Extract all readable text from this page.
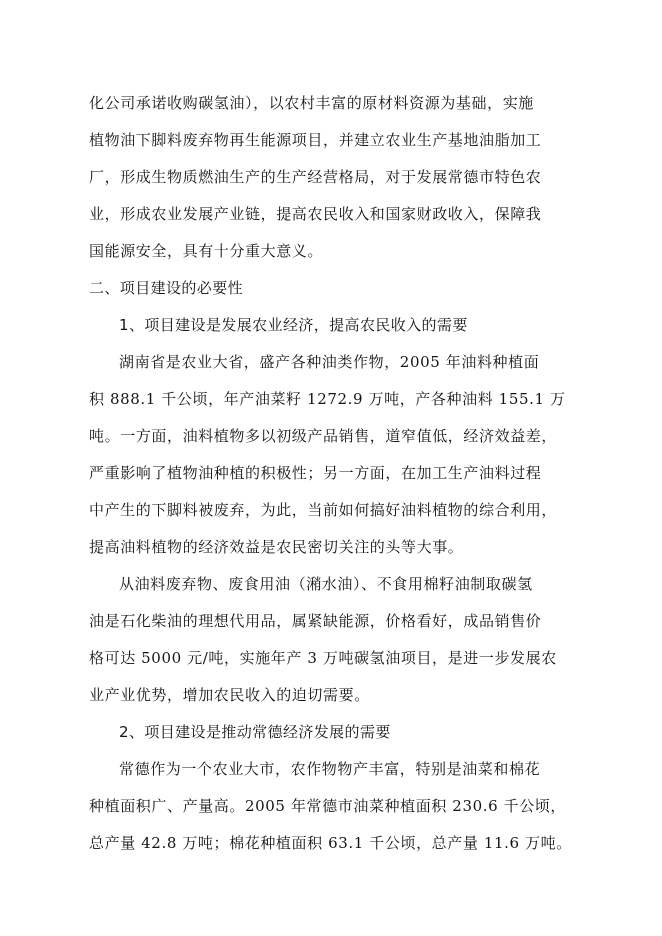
化公司承诺收购碳氢油），以农村丰富的原材料资源为基础，实施

植物油下脚料废弃物再生能源项目，并建立农业生产基地油脂加工

厂，形成生物质燃油生产的生产经营格局，对于发展常德市特色农

业，形成农业发展产业链，提高农民收入和国家财政收入，保障我

国能源安全，具有十分重大意义。

二、项目建设的必要性

1、项目建设是发展农业经济，提高农民收入的需要

湖南省是农业大省，盛产各种油类作物，2005 年油料种植面

积 888.1 千公顷，年产油菜籽 1272.9 万吨，产各种油料 155.1 万

吨。一方面，油料植物多以初级产品销售，道窄值低，经济效益差，

严重影响了植物油种植的积极性；另一方面，在加工生产油料过程

中产生的下脚料被废弃，为此，当前如何搞好油料植物的综合利用，

提高油料植物的经济效益是农民密切关注的头等大事。

从油料废弃物、废食用油（潲水油）、不食用棉籽油制取碳氢

油是石化柴油的理想代用品，属紧缺能源，价格看好，成品销售价

格可达 5000 元/吨，实施年产 3 万吨碳氢油项目，是进一步发展农

业产业优势，增加农民收入的迫切需要。

2、项目建设是推动常德经济发展的需要

常德作为一个农业大市，农作物物产丰富，特别是油菜和棉花

种植面积广、产量高。2005 年常德市油菜种植面积 230.6 千公顷，

总产量 42.8 万吨；棉花种植面积 63.1 千公顷，总产量 11.6 万吨。
